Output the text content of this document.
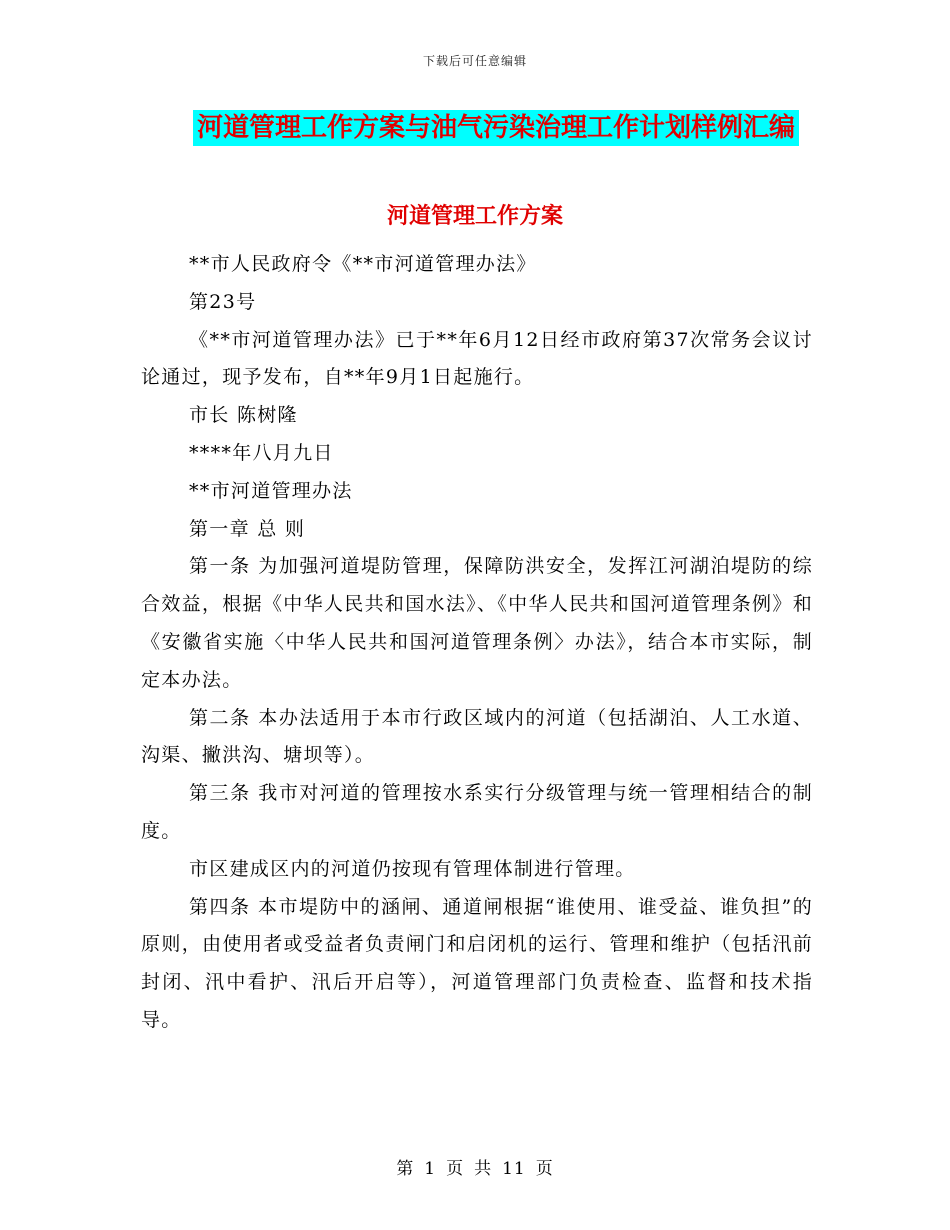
下载后可任意编辑
河道管理工作方案与油气污染治理工作计划样例汇编
河道管理工作方案

**市人民政府令《**市河道管理办法》

第23号

《**市河道管理办法》已于**年6月12日经市政府第37次常务会议讨论通过，现予发布，自**年9月1日起施行。

市长 陈树隆

****年八月九日

**市河道管理办法

第一章 总 则

第一条 为加强河道堤防管理，保障防洪安全，发挥江河湖泊堤防的综合效益，根据《中华人民共和国水法》、《中华人民共和国河道管理条例》和《安徽省实施〈中华人民共和国河道管理条例〉办法》，结合本市实际，制定本办法。

第二条 本办法适用于本市行政区域内的河道（包括湖泊、人工水道、沟渠、撇洪沟、塘坝等）。

第三条 我市对河道的管理按水系实行分级管理与统一管理相结合的制度。

市区建成区内的河道仍按现有管理体制进行管理。

第四条 本市堤防中的涵闸、通道闸根据“谁使用、谁受益、谁负担”的原则，由使用者或受益者负责闸门和启闭机的运行、管理和维护（包括汛前封闭、汛中看护、汛后开启等），河道管理部门负责检查、监督和技术指导。

第 1 页 共 11 页
